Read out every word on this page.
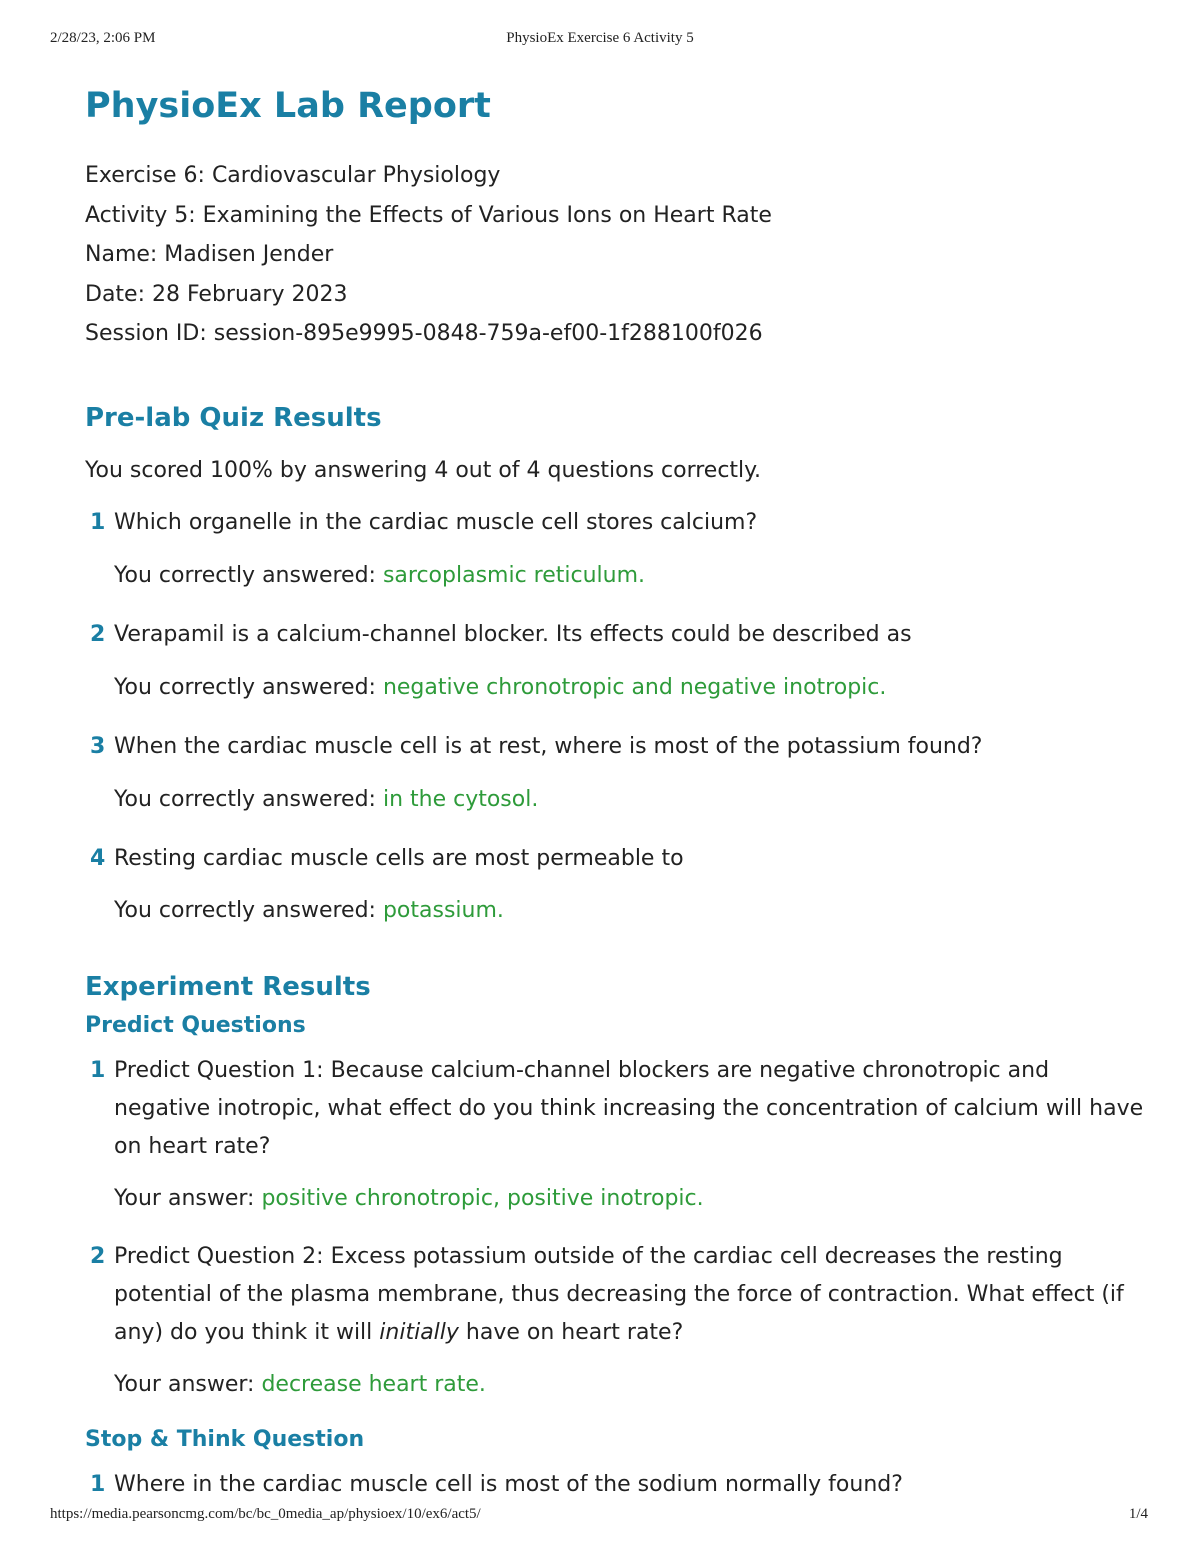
2/28/23, 2:06 PM	PhysioEx Exercise 6 Activity 5
PhysioEx Lab Report
Exercise 6: Cardiovascular Physiology
Activity 5: Examining the Effects of Various Ions on Heart Rate
Name: Madisen Jender
Date: 28 February 2023
Session ID: session-895e9995-0848-759a-ef00-1f288100f026
Pre-lab Quiz Results
You scored 100% by answering 4 out of 4 questions correctly.
1 Which organelle in the cardiac muscle cell stores calcium?
You correctly answered: sarcoplasmic reticulum.
2 Verapamil is a calcium-channel blocker. Its effects could be described as
You correctly answered: negative chronotropic and negative inotropic.
3 When the cardiac muscle cell is at rest, where is most of the potassium found?
You correctly answered: in the cytosol.
4 Resting cardiac muscle cells are most permeable to
You correctly answered: potassium.
Experiment Results
Predict Questions
1 Predict Question 1: Because calcium-channel blockers are negative chronotropic and negative inotropic, what effect do you think increasing the concentration of calcium will have on heart rate?
Your answer: positive chronotropic, positive inotropic.
2 Predict Question 2: Excess potassium outside of the cardiac cell decreases the resting potential of the plasma membrane, thus decreasing the force of contraction. What effect (if any) do you think it will initially have on heart rate?
Your answer: decrease heart rate.
Stop & Think Question
1 Where in the cardiac muscle cell is most of the sodium normally found?
https://media.pearsoncmg.com/bc/bc_0media_ap/physioex/10/ex6/act5/	1/4
